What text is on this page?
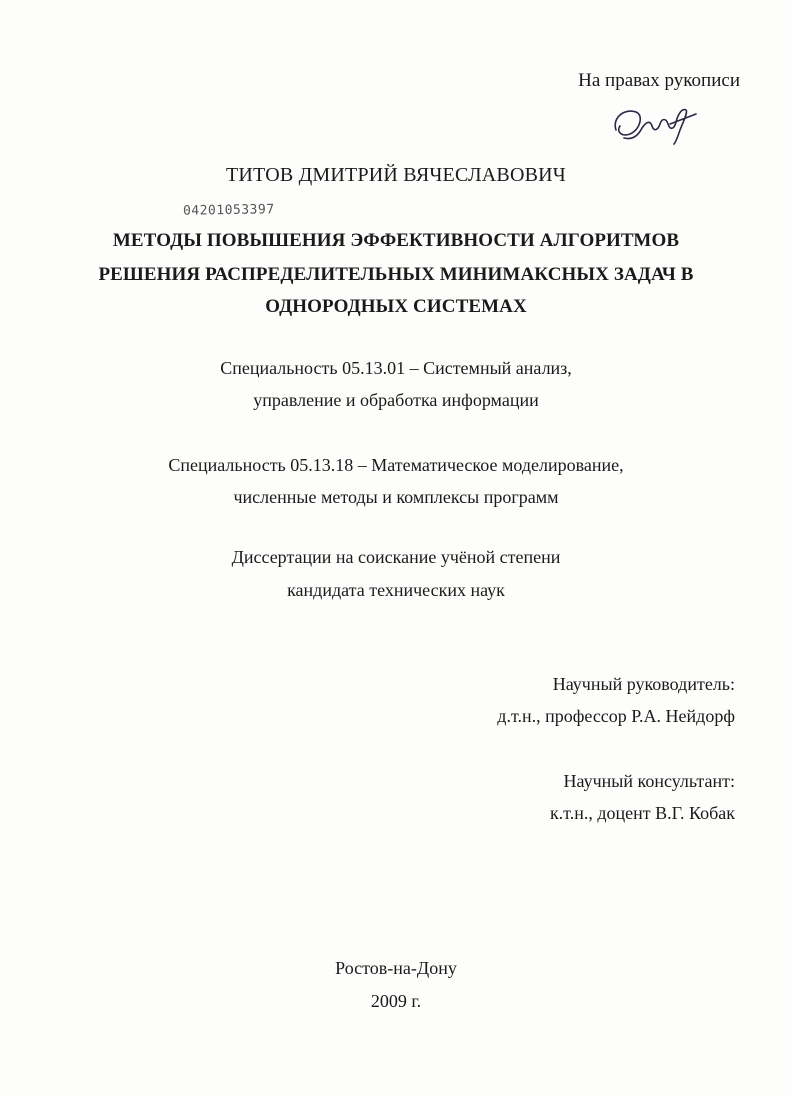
На правах рукописи
ТИТОВ ДМИТРИЙ ВЯЧЕСЛАВОВИЧ
04201053397
МЕТОДЫ ПОВЫШЕНИЯ ЭФФЕКТИВНОСТИ АЛГОРИТМОВ
РЕШЕНИЯ РАСПРЕДЕЛИТЕЛЬНЫХ МИНИМАКСНЫХ ЗАДАЧ В
ОДНОРОДНЫХ СИСТЕМАХ
Специальность 05.13.01 – Системный анализ,
управление и обработка информации
Специальность 05.13.18 – Математическое моделирование,
численные методы и комплексы программ
Диссертации на соискание учёной степени
кандидата технических наук
Научный руководитель:
д.т.н., профессор Р.А. Нейдорф
Научный консультант:
к.т.н., доцент В.Г. Кобак
Ростов-на-Дону
2009 г.
